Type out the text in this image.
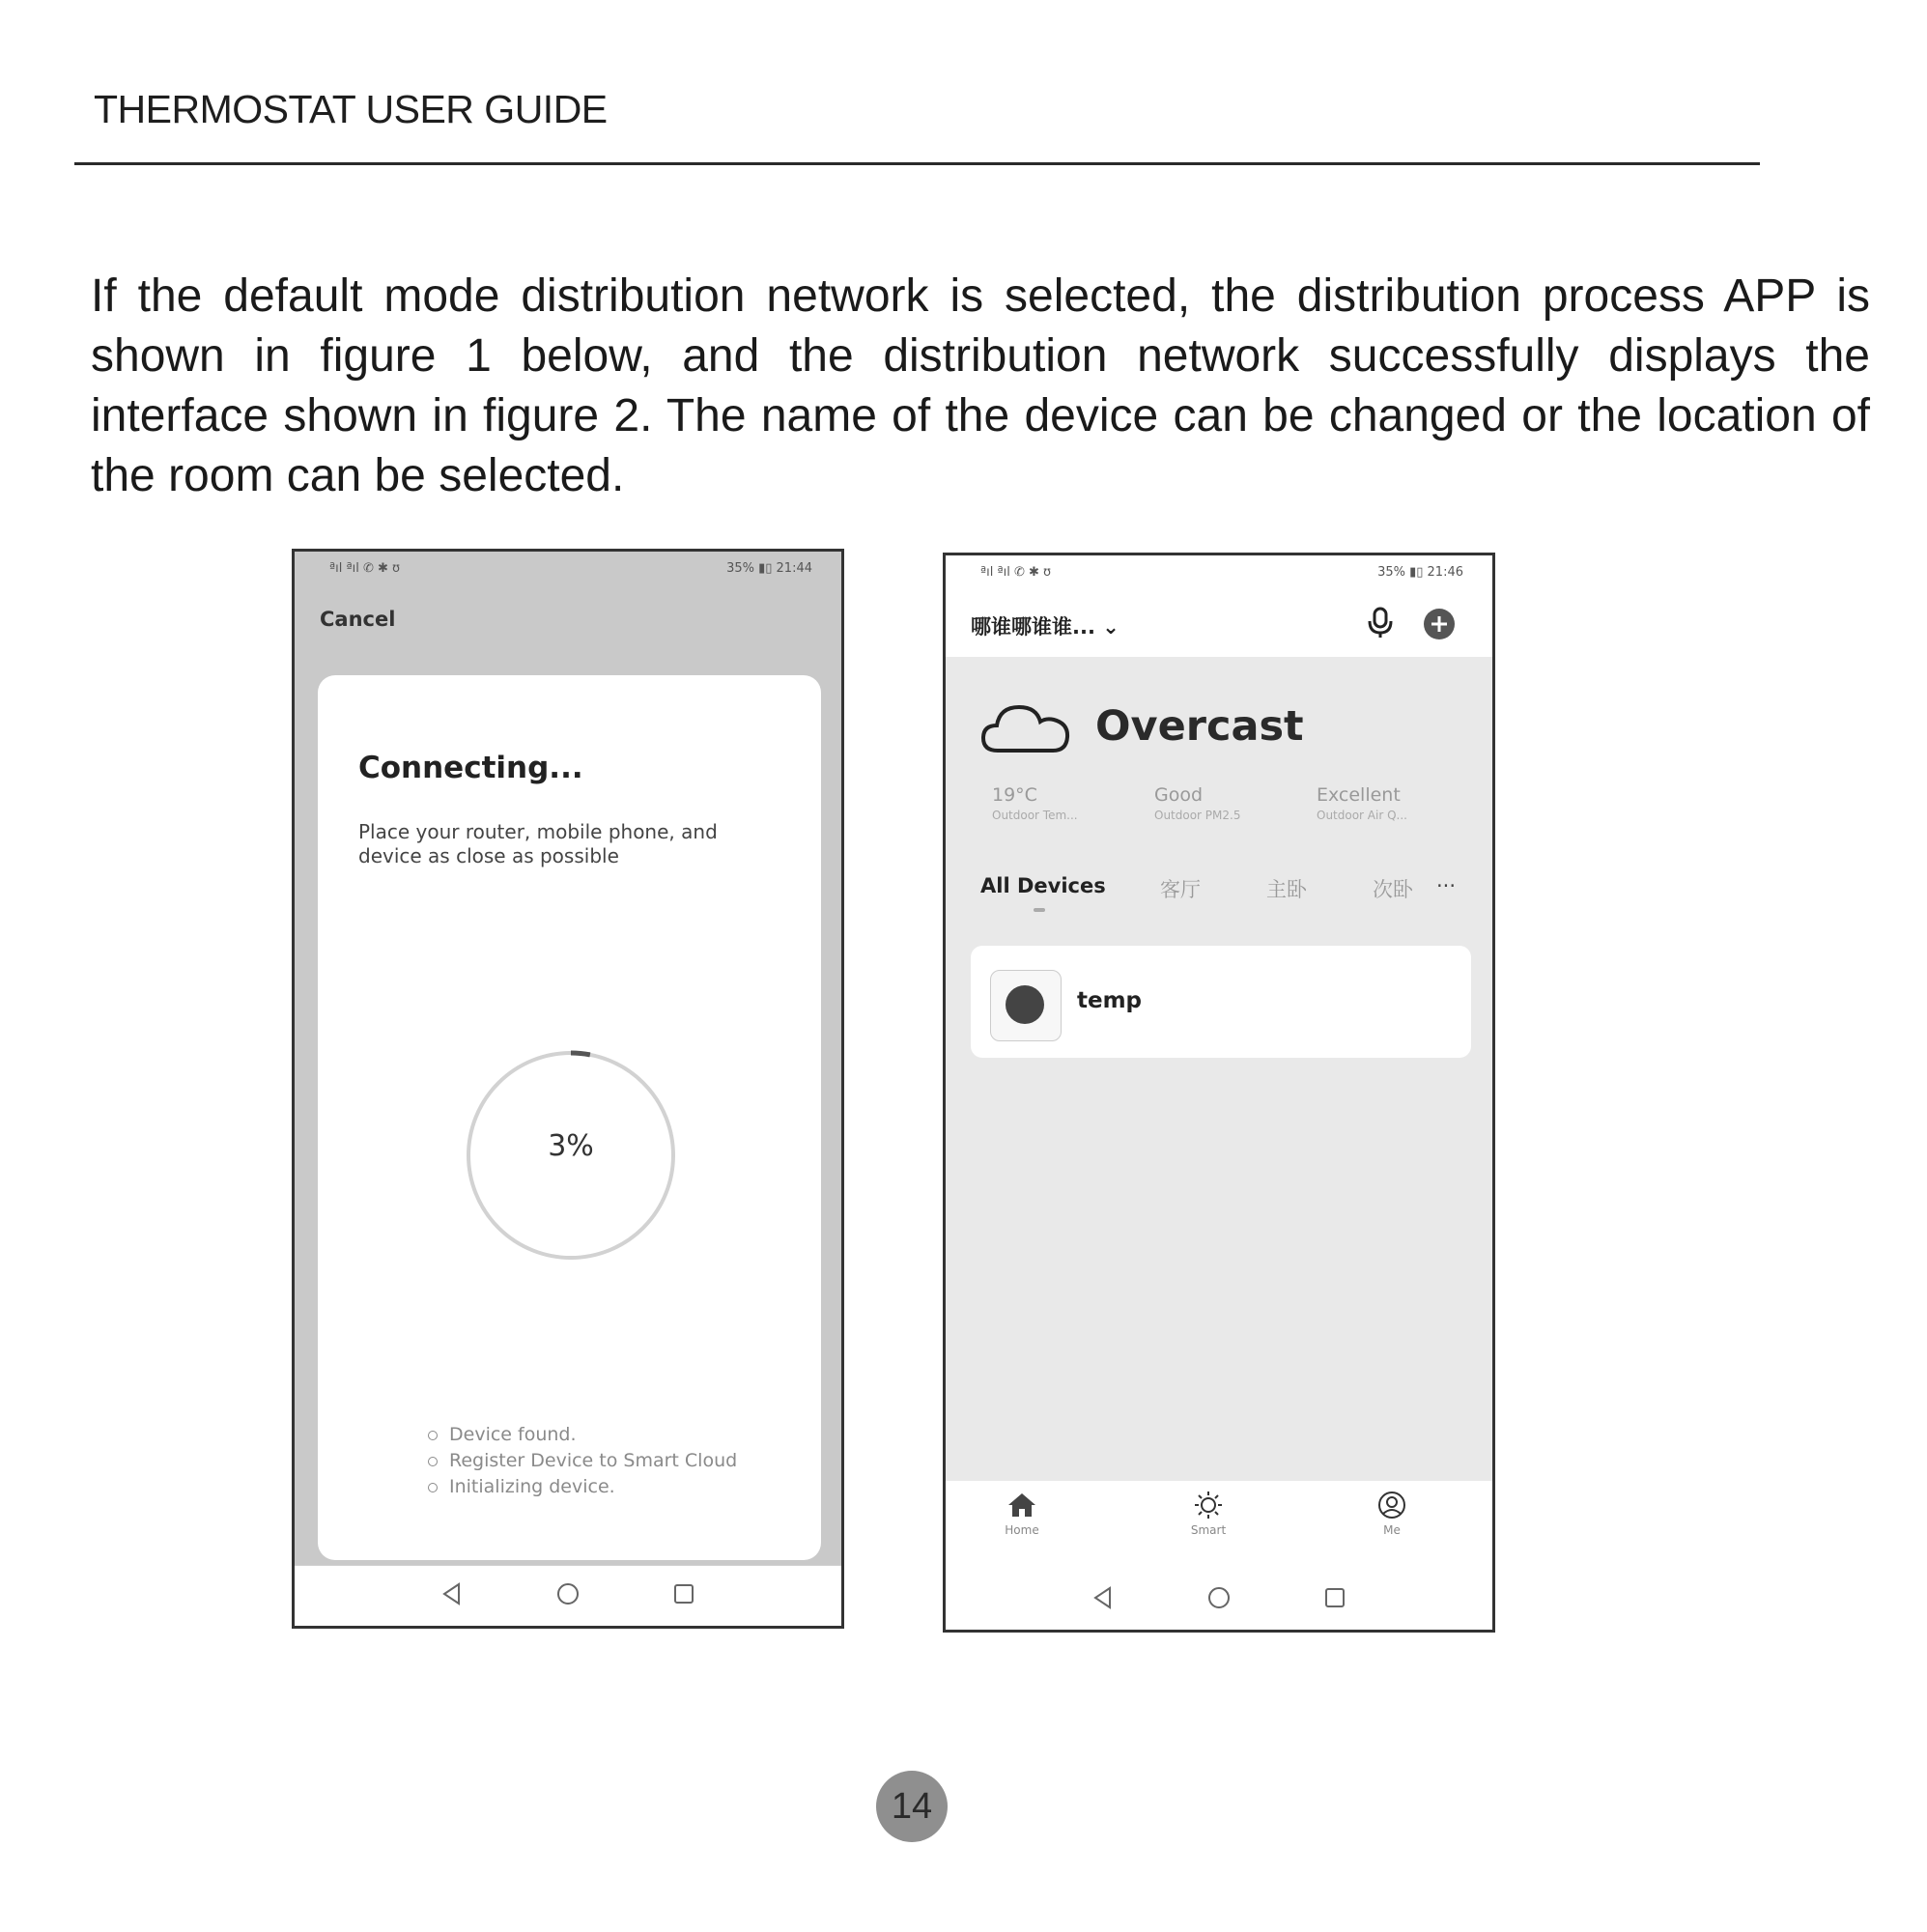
THERMOSTAT USER GUIDE

If the default mode distribution network is selected, the distribution process APP is shown in figure 1 below, and the distribution network successfully displays the interface shown in figure 2. The name of the device can be changed or the location of the room can be selected.

ªıl ªıl ✆ ✱ ʊ	35% ▮▯ 21:44
Cancel
Connecting...
Place your router, mobile phone, and device as close as possible
3%
Device found.
Register Device to Smart Cloud
Initializing device.
ªıl ªıl ✆ ✱ ʊ	35% ▮▯ 21:46
哪谁哪谁谁... ⌄
Overcast
19°C
Outdoor Tem...
Good
Outdoor PM2.5
Excellent
Outdoor Air Q...
All Devices	客厅	主卧	次卧 ···
temp
Home	Smart	Me
14
